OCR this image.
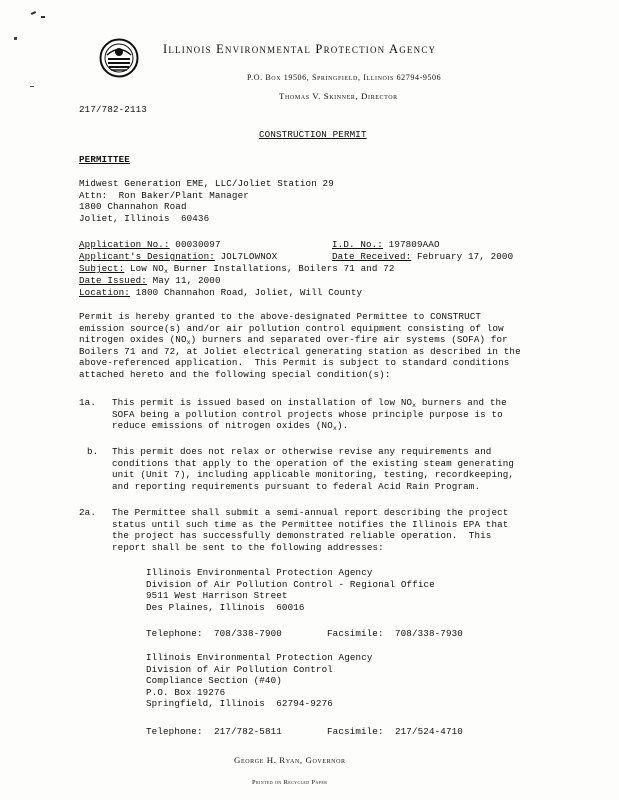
Illinois Environmental Protection Agency
P.O. Box 19506, Springfield, Illinois 62794-9506
Thomas V. Skinner, Director
217/782-2113
CONSTRUCTION PERMIT
PERMITTEE
Midwest Generation EME, LLC/Joliet Station 29
Attn:  Ron Baker/Plant Manager
1800 Channahon Road
Joliet, Illinois  60436
Application No.: 00030097	I.D. No.: 197809AAO
Applicant's Designation: JOL7LOWNOX	Date Received: February 17, 2000
Subject: Low $NO_x$ Burner Installations, Boilers 71 and 72
Date Issued: May 11, 2000
Location: 1800 Channahon Road, Joliet, Will County
Permit is hereby granted to the above-designated Permittee to CONSTRUCT
emission source(s) and/or air pollution control equipment consisting of low
nitrogen oxides $(NO_x)$ burners and separated over-fire air systems (SOFA) for
Boilers 71 and 72, at Joliet electrical generating station as described in the
above-referenced application.  This Permit is subject to standard conditions
attached hereto and the following special condition(s):
1a. This permit is issued based on installation of low $NO_x$ burners and the
SOFA being a pollution control projects whose principle purpose is to
reduce emissions of nitrogen oxides $(NO_x)$.
b. This permit does not relax or otherwise revise any requirements and
conditions that apply to the operation of the existing steam generating
unit (Unit 7), including applicable monitoring, testing, recordkeeping,
and reporting requirements pursuant to federal Acid Rain Program.
2a. The Permittee shall submit a semi-annual report describing the project
status until such time as the Permittee notifies the Illinois EPA that
the project has successfully demonstrated reliable operation.  This
report shall be sent to the following addresses:
Illinois Environmental Protection Agency
Division of Air Pollution Control - Regional Office
9511 West Harrison Street
Des Plaines, Illinois  60016
Telephone: 708/338-7900	Facsimile: 708/338-7930
Illinois Environmental Protection Agency
Division of Air Pollution Control
Compliance Section (#40)
P.O. Box 19276
Springfield, Illinois  62794-9276
Telephone: 217/782-5811	Facsimile: 217/524-4710
George H. Ryan, Governor
Printed on Recycled Paper
